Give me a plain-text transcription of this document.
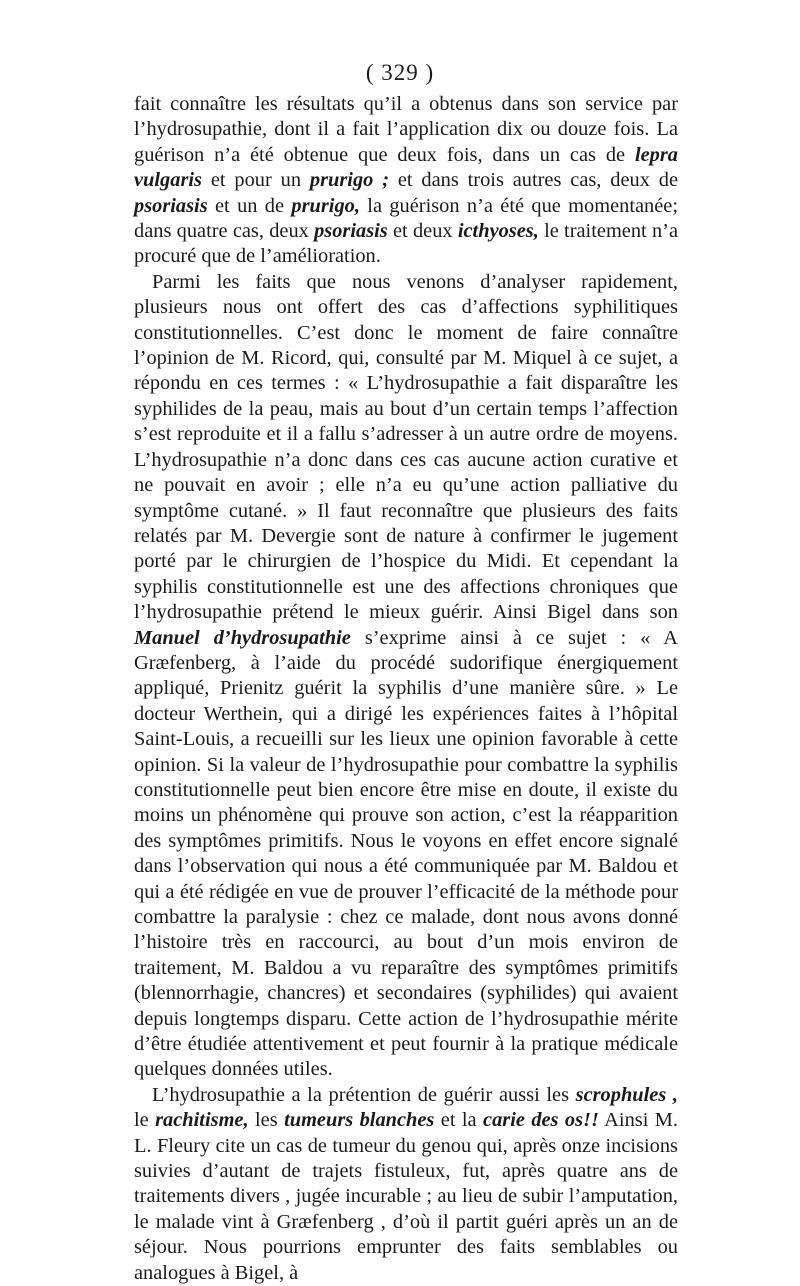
( 329 )

fait connaître les résultats qu’il a obtenus dans son service par l’hydrosupathie, dont il a fait l’application dix ou douze fois. La guérison n’a été obtenue que deux fois, dans un cas de lepra vulgaris et pour un prurigo ; et dans trois autres cas, deux de psoriasis et un de prurigo, la guérison n’a été que momentanée; dans quatre cas, deux psoriasis et deux icthyoses, le traitement n’a procuré que de l’amélioration.

Parmi les faits que nous venons d’analyser rapidement, plusieurs nous ont offert des cas d’affections syphilitiques constitutionnelles. C’est donc le moment de faire connaître l’opinion de M. Ricord, qui, consulté par M. Miquel à ce sujet, a répondu en ces termes : « L’hydrosupathie a fait disparaître les syphilides de la peau, mais au bout d’un certain temps l’affection s’est reproduite et il a fallu s’adresser à un autre ordre de moyens. L’hydrosupathie n’a donc dans ces cas aucune action curative et ne pouvait en avoir ; elle n’a eu qu’une action palliative du symptôme cutané. » Il faut reconnaître que plusieurs des faits relatés par M. Devergie sont de nature à confirmer le jugement porté par le chirurgien de l’hospice du Midi. Et cependant la syphilis constitutionnelle est une des affections chroniques que l’hydrosupathie prétend le mieux guérir. Ainsi Bigel dans son Manuel d’hydrosupathie s’exprime ainsi à ce sujet : « A Græfenberg, à l’aide du procédé sudorifique énergiquement appliqué, Prienitz guérit la syphilis d’une manière sûre. » Le docteur Werthein, qui a dirigé les expériences faites à l’hôpital Saint-Louis, a recueilli sur les lieux une opinion favorable à cette opinion. Si la valeur de l’hydrosupathie pour combattre la syphilis constitutionnelle peut bien encore être mise en doute, il existe du moins un phénomène qui prouve son action, c’est la réapparition des symptômes primitifs. Nous le voyons en effet encore signalé dans l’observation qui nous a été communiquée par M. Baldou et qui a été rédigée en vue de prouver l’efficacité de la méthode pour combattre la paralysie : chez ce malade, dont nous avons donné l’histoire très en raccourci, au bout d’un mois environ de traitement, M. Baldou a vu reparaître des symptômes primitifs (blennorrhagie, chancres) et secondaires (syphilides) qui avaient depuis longtemps disparu. Cette action de l’hydrosupathie mérite d’être étudiée attentivement et peut fournir à la pratique médicale quelques données utiles.

L’hydrosupathie a la prétention de guérir aussi les scrophules , le rachitisme, les tumeurs blanches et la carie des os!! Ainsi M. L. Fleury cite un cas de tumeur du genou qui, après onze incisions suivies d’autant de trajets fistuleux, fut, après quatre ans de traitements divers , jugée incurable ; au lieu de subir l’amputation, le malade vint à Græfenberg , d’où il partit guéri après un an de séjour. Nous pourrions emprunter des faits semblables ou analogues à Bigel, à
